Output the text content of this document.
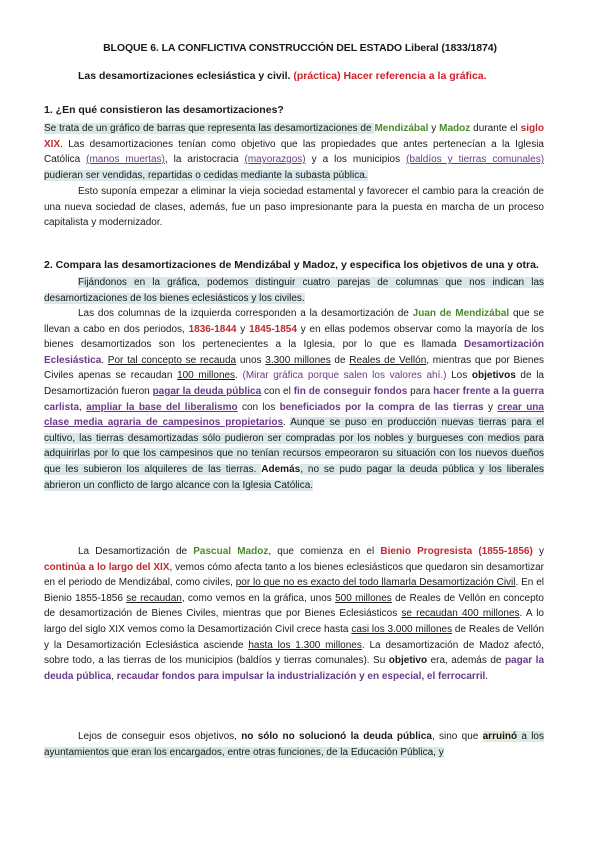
BLOQUE 6. LA CONFLICTIVA CONSTRUCCIÓN DEL ESTADO Liberal (1833/1874)
Las desamortizaciones eclesiástica y civil. (práctica) Hacer referencia a la gráfica.
1. ¿En qué consistieron las desamortizaciones?
Se trata de un gráfico de barras que representa las desamortizaciones de Mendizábal y Madoz durante el siglo XIX. Las desamortizaciones tenían como objetivo que las propiedades que antes pertenecían a la Iglesia Católica (manos muertas), la aristocracia (mayorazgos) y a los municipios (baldíos y tierras comunales) pudieran ser vendidas, repartidas o cedidas mediante la subasta pública.
Esto suponía empezar a eliminar la vieja sociedad estamental y favorecer el cambio para la creación de una nueva sociedad de clases, además, fue un paso impresionante para la puesta en marcha de un proceso capitalista y modernizador.
2. Compara las desamortizaciones de Mendizábal y Madoz, y especifica los objetivos de una y otra.
Fijándonos en la gráfica, podemos distinguir cuatro parejas de columnas que nos indican las desamortizaciones de los bienes eclesiásticos y los civiles.
Las dos columnas de la izquierda corresponden a la desamortización de Juan de Mendizábal que se llevan a cabo en dos periodos, 1836-1844 y 1845-1854 y en ellas podemos observar como la mayoría de los bienes desamortizados son los pertenecientes a la Iglesia, por lo que es llamada Desamortización Eclesiástica. Por tal concepto se recauda unos 3.300 millones de Reales de Vellón, mientras que por Bienes Civiles apenas se recaudan 100 millones. (Mirar gráfica porque salen los valores ahí.) Los objetivos de la Desamortización fueron pagar la deuda pública con el fin de conseguir fondos para hacer frente a la guerra carlista, ampliar la base del liberalismo con los beneficiados por la compra de las tierras y crear una clase media agraria de campesinos propietarios. Aunque se puso en producción nuevas tierras para el cultivo, las tierras desamortizadas sólo pudieron ser compradas por los nobles y burgueses con medios para adquirirlas por lo que los campesinos que no tenían recursos empeoraron su situación con los nuevos dueños que les subieron los alquileres de las tierras. Además, no se pudo pagar la deuda pública y los liberales abrieron un conflicto de largo alcance con la Iglesia Católica.
La Desamortización de Pascual Madoz, que comienza en el Bienio Progresista (1855-1856) y continúa a lo largo del XIX, vemos cómo afecta tanto a los bienes eclesiásticos que quedaron sin desamortizar en el periodo de Mendizábal, como civiles, por lo que no es exacto del todo llamarla Desamortización Civil. En el Bienio 1855-1856 se recaudan, como vemos en la gráfica, unos 500 millones de Reales de Vellón en concepto de desamortización de Bienes Civiles, mientras que por Bienes Eclesiásticos se recaudan 400 millones. A lo largo del siglo XIX vemos como la Desamortización Civil crece hasta casi los 3.000 millones de Reales de Vellón y la Desamortización Eclesiástica asciende hasta los 1.300 millones. La desamortización de Madoz afectó, sobre todo, a las tierras de los municipios (baldíos y tierras comunales). Su objetivo era, además de pagar la deuda pública, recaudar fondos para impulsar la industrialización y en especial, el ferrocarril.
Lejos de conseguir esos objetivos, no sólo no solucionó la deuda pública, sino que arruinó a los ayuntamientos que eran los encargados, entre otras funciones, de la Educación Pública, y
